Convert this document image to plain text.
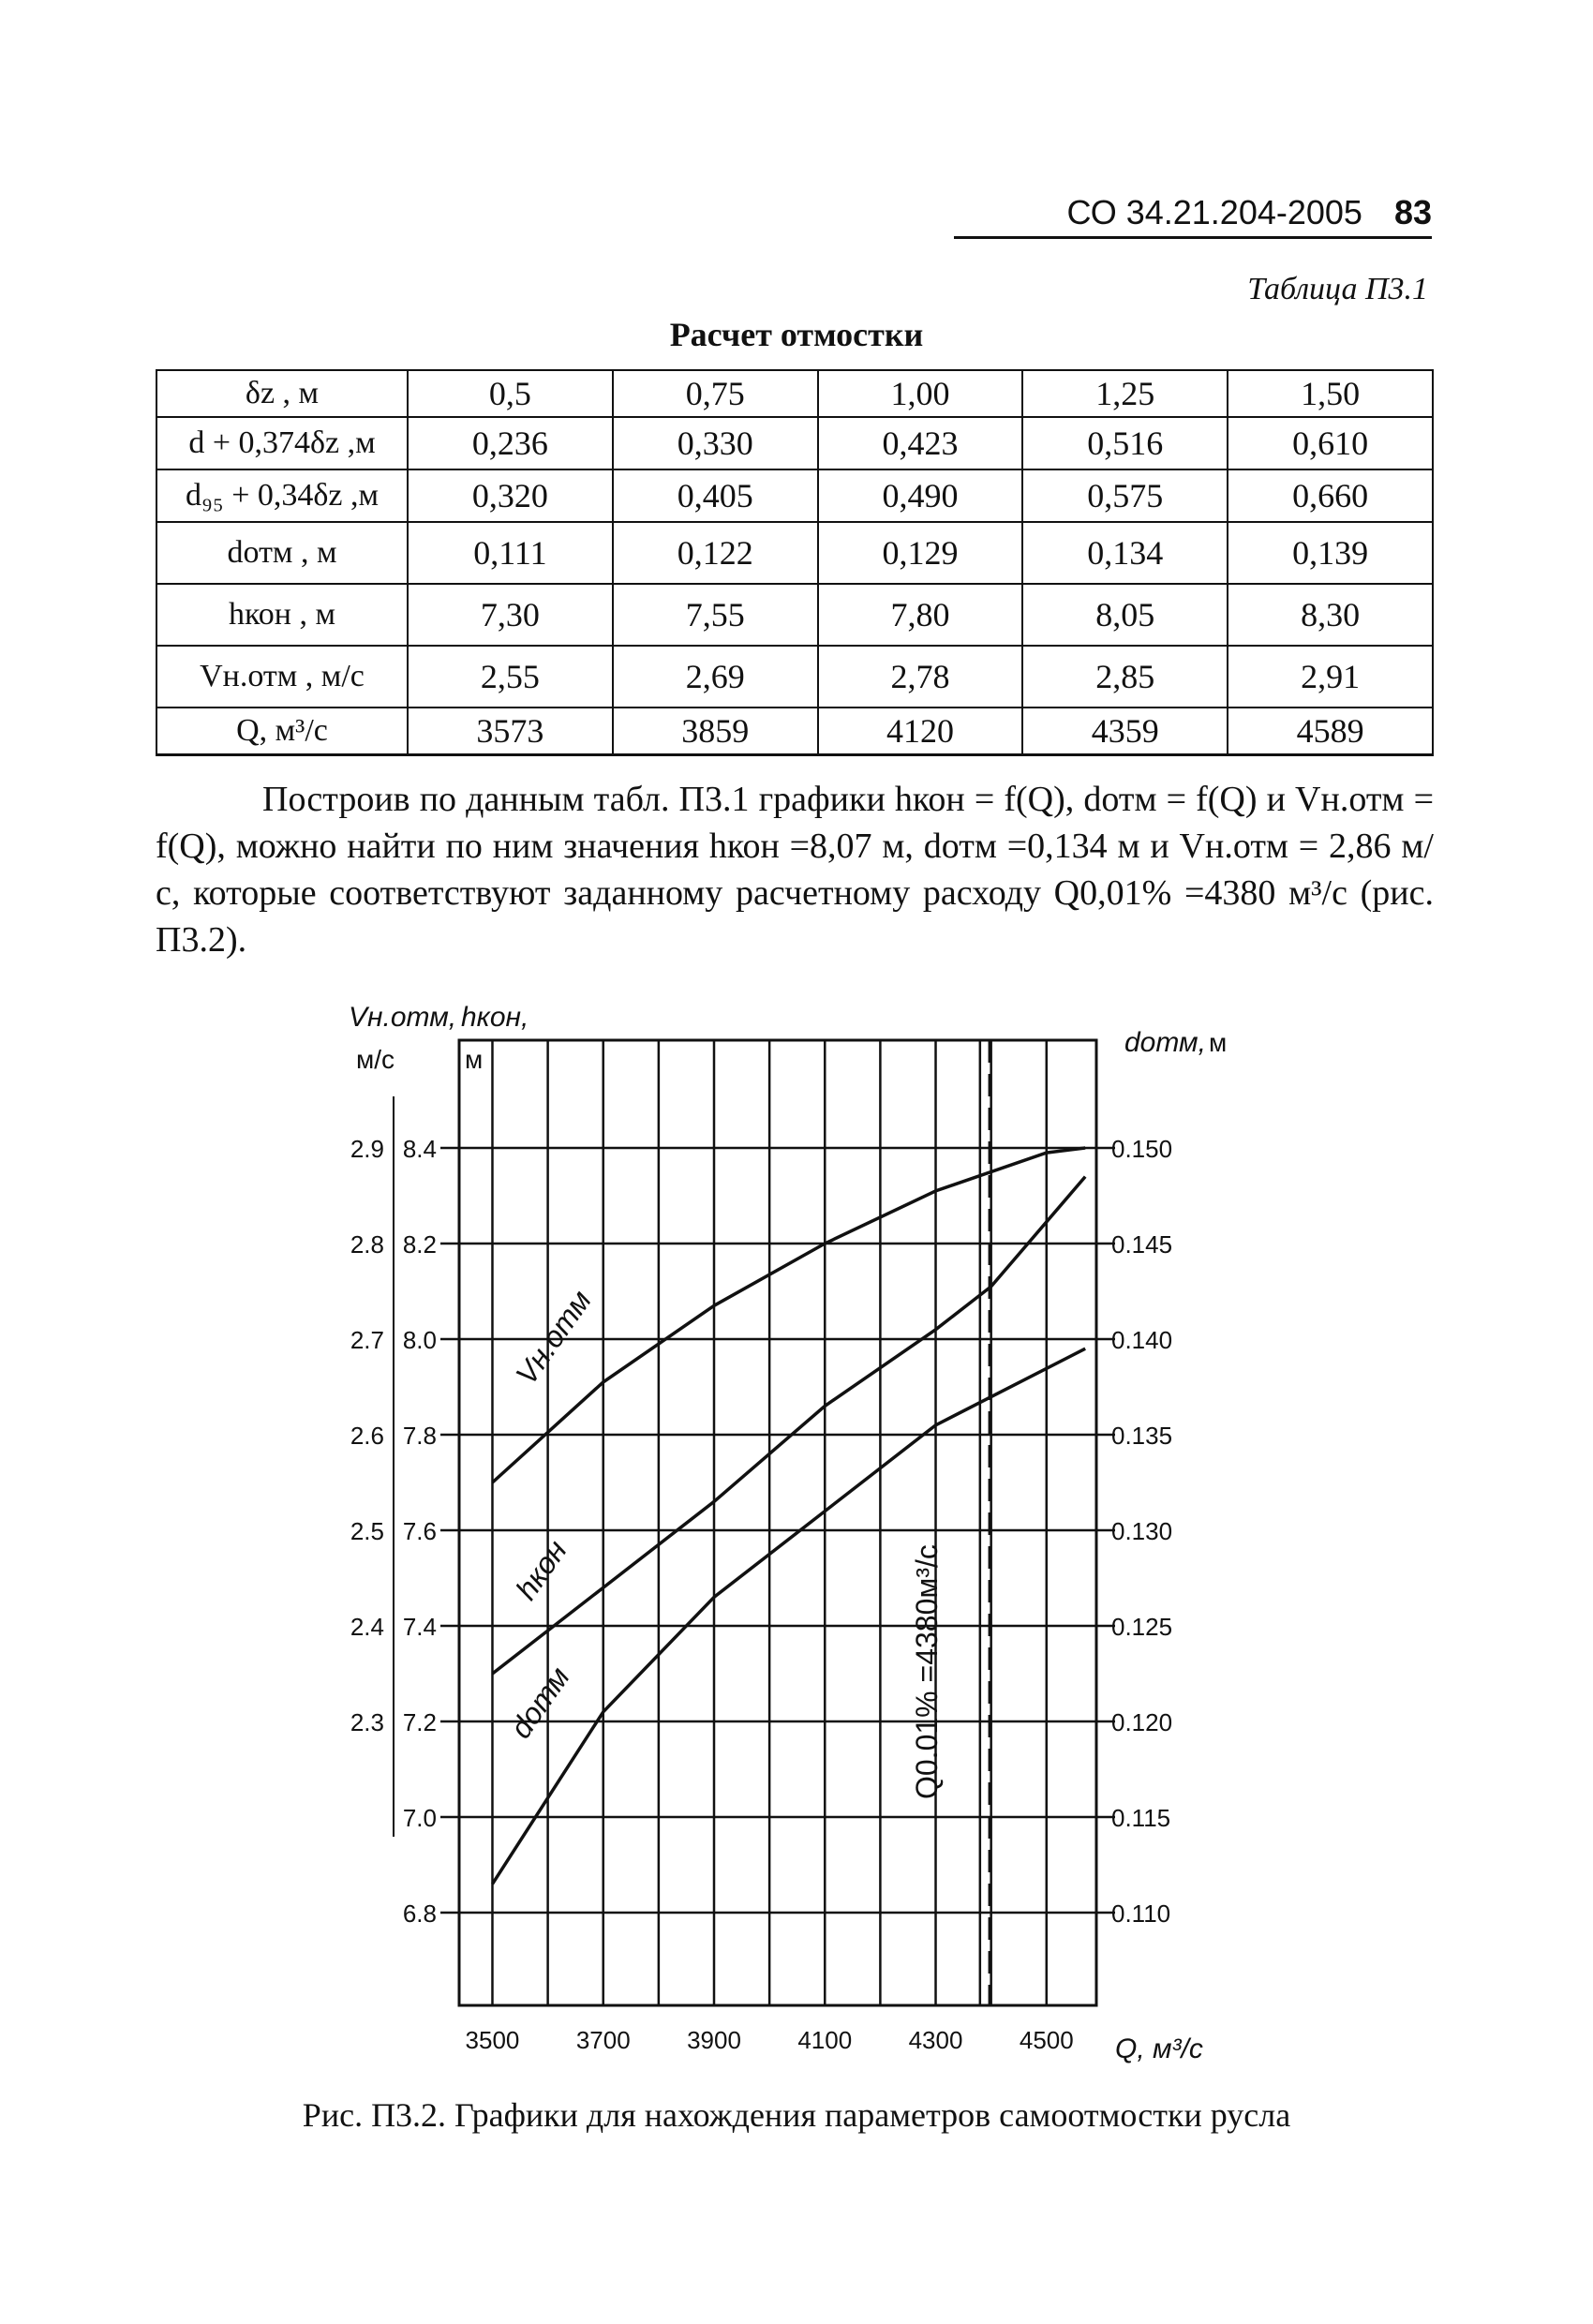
СО 34.21.204-2005 83
Таблица П3.1
Расчет отмостки
δz , м	0,5	0,75	1,00	1,25	1,50
d + 0,374δz ,м	0,236	0,330	0,423	0,516	0,610
d₉₅ + 0,34δz ,м	0,320	0,405	0,490	0,575	0,660
dотм , м	0,111	0,122	0,129	0,134	0,139
hкон , м	7,30	7,55	7,80	8,05	8,30
Vн.отм , м/с	2,55	2,69	2,78	2,85	2,91
Q, м³/с	3573	3859	4120	4359	4589

Построив по данным табл. П3.1 графики hкон = f(Q), dотм = f(Q) и Vн.отм = f(Q), можно найти по ним значения hкон =8,07 м, dотм =0,134 м и Vн.отм = 2,86 м/с, которые соответствуют заданному расчетному расходу Q0,01% =4380 м³/с (рис. П3.2).

2.9
2.8
2.7
2.6
2.5
2.4
2.3
8.4
8.2
8.0
7.8
7.6
7.4
7.2
7.0
6.8
0.150
0.145
0.140
0.135
0.130
0.125
0.120
0.115
0.110
Vн.отм,
м/с
hкон,
м
dотм, м
3500 3700 3900 4100 4300 4500 Q, м³/с
Q0.01% =4380м³/с
Vн.отм
hкон
dотм
Рис. П3.2. Графики для нахождения параметров самоотмостки русла
